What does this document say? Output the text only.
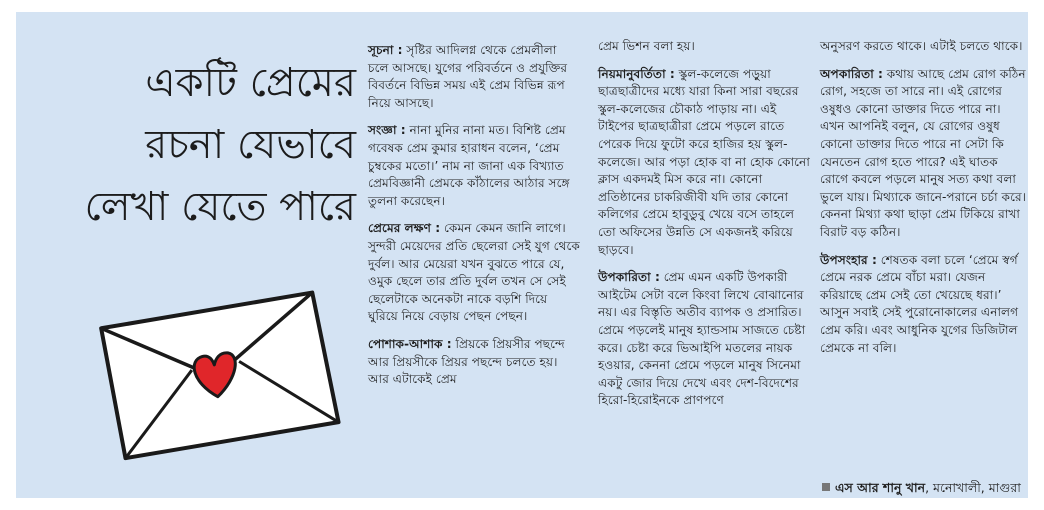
একটি প্রেমের
রচনা যেভাবে
লেখা যেতে পারে

সূচনা : সৃষ্টির আদিলগ্ন থেকে প্রেমলীলা চলে আসছে। যুগের পরিবর্তনে ও প্রযুক্তির বিবর্তনে বিভিন্ন সময় এই প্রেম বিভিন্ন রূপ নিয়ে আসছে।

সংজ্ঞা : নানা মুনির নানা মত। বিশিষ্ট প্রেম গবেষক প্রেম কুমার হারাধন বলেন, ‘প্রেম চুম্বকের মতো।’ নাম না জানা এক বিখ্যাত প্রেমবিজ্ঞানী প্রেমকে কাঁঠালের আঠার সঙ্গে তুলনা করেছেন।

প্রেমের লক্ষণ : কেমন কেমন জানি লাগে। সুন্দরী মেয়েদের প্রতি ছেলেরা সেই যুগ থেকে দুর্বল। আর মেয়েরা যখন বুঝতে পারে যে, ওমুক ছেলে তার প্রতি দুর্বল তখন সে সেই ছেলেটাকে অনেকটা নাকে বড়শি দিয়ে ঘুরিয়ে নিয়ে বেড়ায় পেছন পেছন।

পোশাক-আশাক : প্রিয়কে প্রিয়সীর পছন্দে আর প্রিয়সীকে প্রিয়র পছন্দে চলতে হয়। আর এটাকেই প্রেম

প্রেম ভিশন বলা হয়।

নিয়মানুবর্তিতা : স্কুল-কলেজে পড়ুয়া ছাত্রছাত্রীদের মধ্যে যারা কিনা সারা বছরের স্কুল-কলেজের চৌকাঠ পাড়ায় না। এই টাইপের ছাত্রছাত্রীরা প্রেমে পড়লে রাতে পেরেক দিয়ে ফুটো করে হাজির হয় স্কুল-কলেজে। আর পড়া হোক বা না হোক কোনো ক্লাস একদমই মিস করে না। কোনো প্রতিষ্ঠানের চাকরিজীবী যদি তার কোনো কলিগের প্রেমে হাবুডুবু খেয়ে বসে তাহলে তো অফিসের উন্নতি সে একজনই করিয়ে ছাড়বে।

উপকারিতা : প্রেম এমন একটি উপকারী আইটেম সেটা বলে কিংবা লিখে বোঝানোর নয়। এর বিস্তৃতি অতীব ব্যাপক ও প্রসারিত। প্রেমে পড়লেই মানুষ হ্যান্ডসাম সাজতে চেষ্টা করে। চেষ্টা করে ভিআইপি মতলের নায়ক হওয়ার, কেননা প্রেমে পড়লে মানুষ সিনেমা একটু জোর দিয়ে দেখে এবং দেশ-বিদেশের হিরো-হিরোইনকে প্রাণপণে

অনুসরণ করতে থাকে। এটাই চলতে থাকে।

অপকারিতা : কথায় আছে প্রেম রোগ কঠিন রোগ, সহজে তা সারে না। এই রোগের ওষুধও কোনো ডাক্তার দিতে পারে না। এখন আপনিই বলুন, যে রোগের ওষুধ কোনো ডাক্তার দিতে পারে না সেটা কি যেনতেন রোগ হতে পারে? এই ঘাতক রোগে কবলে পড়লে মানুষ সত্য কথা বলা ভুলে যায়। মিথ্যাকে জানে-পরানে চর্চা করে। কেননা মিথ্যা কথা ছাড়া প্রেম টিকিয়ে রাখা বিরাট বড় কঠিন।

উপসংহার : শেষতক বলা চলে ‘প্রেমে স্বর্গ প্রেমে নরক প্রেমে বাঁচা মরা। যেজন করিয়াছে প্রেম সেই তো খেয়েছে ধরা।’ আসুন সবাই সেই পুরোনোকালের এনালগ প্রেম করি। এবং আধুনিক যুগের ডিজিটাল প্রেমকে না বলি।

এস আর শানু খান, মনোখালী, মাগুরা
